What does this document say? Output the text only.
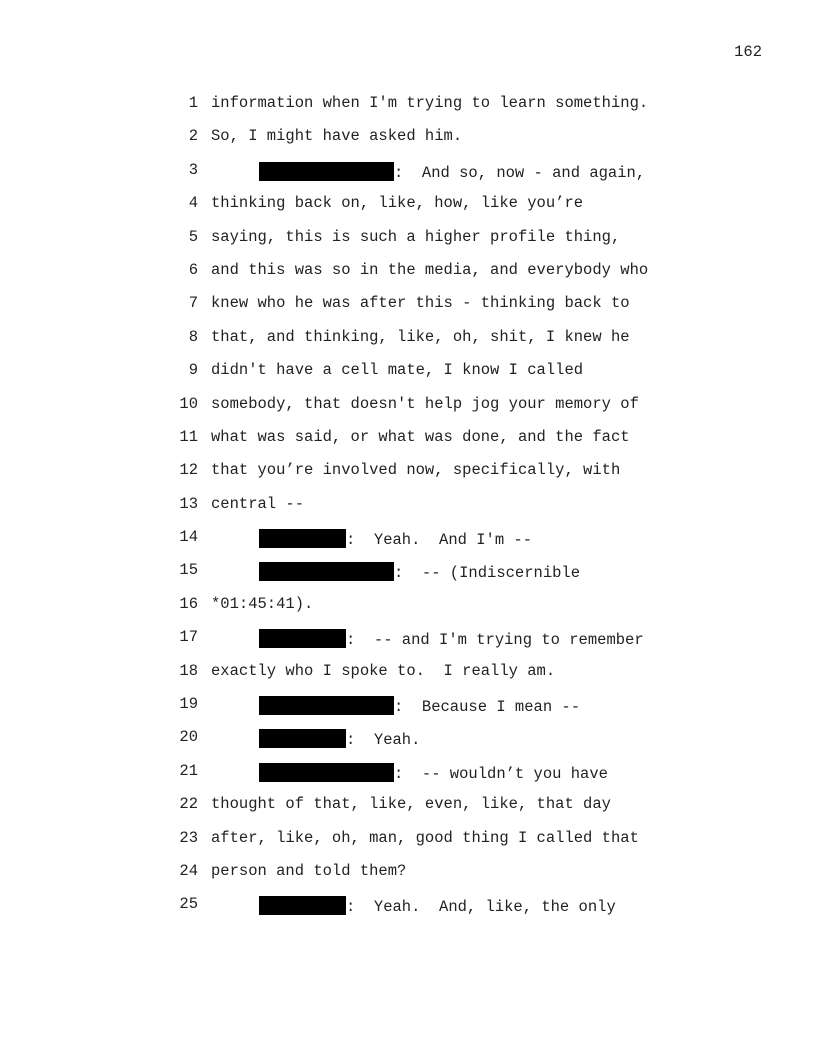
162
1 information when I'm trying to learn something.
2 So, I might have asked him.
3	:  And so, now - and again,
4 thinking back on, like, how, like you’re
5 saying, this is such a higher profile thing,
6 and this was so in the media, and everybody who
7 knew who he was after this - thinking back to
8 that, and thinking, like, oh, shit, I knew he
9 didn't have a cell mate, I know I called
10 somebody, that doesn't help jog your memory of
11 what was said, or what was done, and the fact
12 that you’re involved now, specifically, with
13 central --
14	:  Yeah.  And I'm --
15	:  -- (Indiscernible
16 *01:45:41).
17	:  -- and I'm trying to remember
18 exactly who I spoke to.  I really am.
19	:  Because I mean --
20	:  Yeah.
21	:  -- wouldn’t you have
22 thought of that, like, even, like, that day
23 after, like, oh, man, good thing I called that
24 person and told them?
25	:  Yeah.  And, like, the only
